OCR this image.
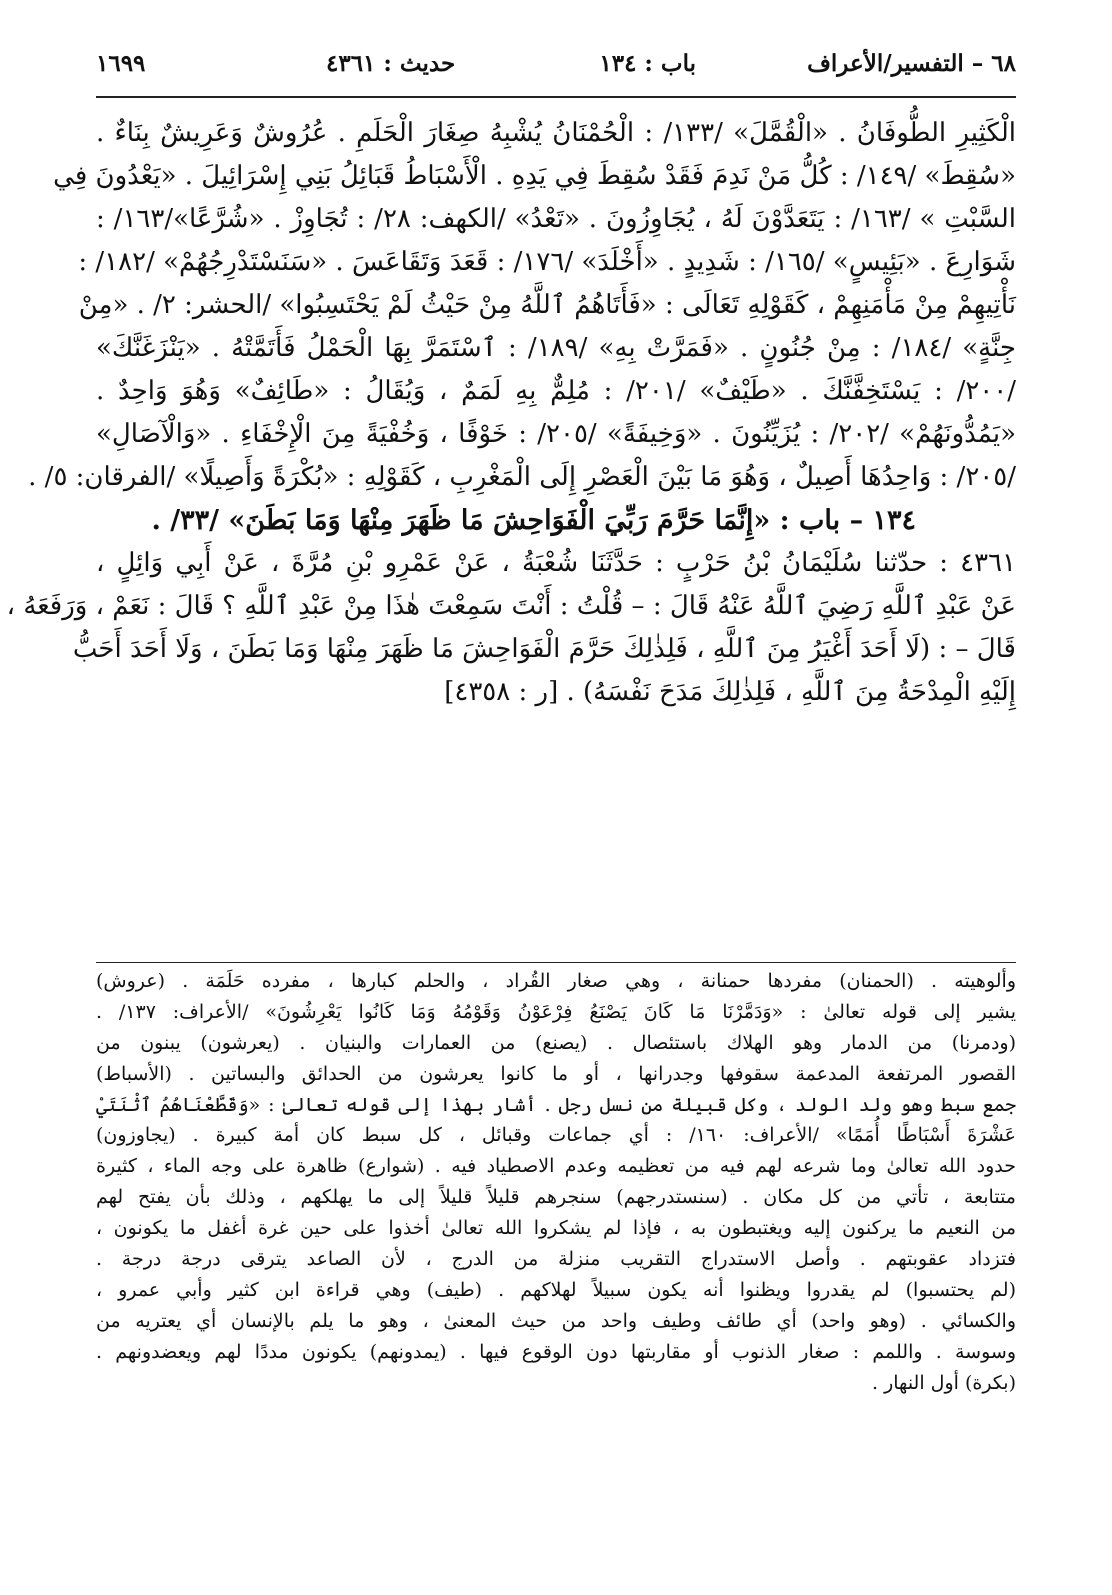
٦٨ – التفسير/الأعراف
باب : ١٣٤
حديث : ٤٣٦١
١٦٩٩
الْكَثِيرِ الطُّوفَانُ . «الْقُمَّلَ» /١٣٣/ : الْحُمْنَانُ يُشْبِهُ صِغَارَ الْحَلَمِ . عُرُوشٌ وَعَرِيشٌ بِنَاءٌ .
«سُقِطَ» /١٤٩/ : كُلُّ مَنْ نَدِمَ فَقَدْ سُقِطَ فِي يَدِهِ . الْأَسْبَاطُ قَبَائِلُ بَنِي إِسْرَائِيلَ . «يَعْدُونَ فِي
السَّبْتِ » /١٦٣/ : يَتَعَدَّوْنَ لَهُ ، يُجَاوِزُونَ . «تَعْدُ» /الكهف: ٢٨/ : تُجَاوِزْ . «شُرَّعًا»/١٦٣/ :
شَوَارِعَ . «بَئِيسٍ» /١٦٥/ : شَدِيدٍ . «أَخْلَدَ» /١٧٦/ : قَعَدَ وَتَقَاعَسَ . «سَنَسْتَدْرِجُهُمْ» /١٨٢/ :
نَأْتِيهِمْ مِنْ مَأْمَنِهِمْ ، كَقَوْلِهِ تَعَالَى : «فَأَتَاهُمُ ٱللَّهُ مِنْ حَيْثُ لَمْ يَحْتَسِبُوا» /الحشر: ٢/ . «مِنْ
جِنَّةٍ» /١٨٤/ : مِنْ جُنُونٍ . «فَمَرَّتْ بِهِ» /١٨٩/ : ٱسْتَمَرَّ بِهَا الْحَمْلُ فَأَتَمَّتْهُ . «يَنْزَغَنَّكَ»
/٢٠٠/ : يَسْتَخِفَّنَّكَ . «طَيْفٌ» /٢٠١/ : مُلِمٌّ بِهِ لَمَمٌ ، وَيُقَالُ : «طَائِفٌ» وَهُوَ وَاحِدٌ .
«يَمُدُّونَهُمْ» /٢٠٢/ : يُزَيِّنُونَ . «وَخِيفَةً» /٢٠٥/ : خَوْفًا ، وَخُفْيَةً مِنَ الْإِخْفَاءِ . «وَالْآصَالِ»
/٢٠٥/ : وَاحِدُهَا أَصِيلٌ ، وَهُوَ مَا بَيْنَ الْعَصْرِ إِلَى الْمَغْرِبِ ، كَقَوْلِهِ : «بُكْرَةً وَأَصِيلًا» /الفرقان: ٥/ .
١٣٤ – باب : «إِنَّمَا حَرَّمَ رَبِّيَ الْفَوَاحِشَ مَا ظَهَرَ مِنْهَا وَمَا بَطَنَ» /٣٣/ .
٤٣٦١ : حدّثنا سُلَيْمَانُ بْنُ حَرْبٍ : حَدَّثَنَا شُعْبَةُ ، عَنْ عَمْرِو بْنِ مُرَّةَ ، عَنْ أَبِي وَائِلٍ ،
عَنْ عَبْدِ ٱللَّهِ رَضِيَ ٱللَّهُ عَنْهُ قَالَ : – قُلْتُ : أَنْتَ سَمِعْتَ هٰذَا مِنْ عَبْدِ ٱللَّهِ ؟ قَالَ : نَعَمْ ، وَرَفَعَهُ ،
قَالَ – : (لَا أَحَدَ أَغْيَرُ مِنَ ٱللَّهِ ، فَلِذٰلِكَ حَرَّمَ الْفَوَاحِشَ مَا ظَهَرَ مِنْهَا وَمَا بَطَنَ ، وَلَا أَحَدَ أَحَبُّ
إِلَيْهِ الْمِدْحَةُ مِنَ ٱللَّهِ ، فَلِذٰلِكَ مَدَحَ نَفْسَهُ) . [ر : ٤٣٥٨]
وألوهيته . (الحمنان) مفردها حمنانة ، وهي صغار القُراد ، والحلم كبارها ، مفرده حَلَمَة . (عروش)
يشير إلى قوله تعالىٰ : «وَدَمَّرْنَا مَا كَانَ يَصْنَعُ فِرْعَوْنُ وَقَوْمُهُ وَمَا كَانُوا يَعْرِشُونَ» /الأعراف: ١٣٧/ .
(ودمرنا) من الدمار وهو الهلاك باستئصال . (يصنع) من العمارات والبنيان . (يعرشون) يبنون من
القصور المرتفعة المدعمة سقوفها وجدرانها ، أو ما كانوا يعرشون من الحدائق والبساتين . (الأسباط)
جمع سبط وهو ولد الولد ، وكل قبيلة من نسل رجل . أشار بهذا إلى قوله تعالىٰ : «وَقَطَّعْنَاهُمُ ٱثْنَتَيْ
عَشْرَةَ أَسْبَاطًا أُمَمًا» /الأعراف: ١٦٠/ : أي جماعات وقبائل ، كل سبط كان أمة كبيرة . (يجاوزون)
حدود الله تعالىٰ وما شرعه لهم فيه من تعظيمه وعدم الاصطياد فيه . (شوارع) ظاهرة على وجه الماء ، كثيرة
متتابعة ، تأتي من كل مكان . (سنستدرجهم) سنجرهم قليلاً قليلاً إلى ما يهلكهم ، وذلك بأن يفتح لهم
من النعيم ما يركنون إليه ويغتبطون به ، فإذا لم يشكروا الله تعالىٰ أخذوا على حين غرة أغفل ما يكونون ،
فتزداد عقوبتهم . وأصل الاستدراج التقريب منزلة من الدرج ، لأن الصاعد يترقى درجة درجة .
(لم يحتسبوا) لم يقدروا ويظنوا أنه يكون سبيلاً لهلاكهم . (طيف) وهي قراءة ابن كثير وأبي عمرو ،
والكسائي . (وهو واحد) أي طائف وطيف واحد من حيث المعنىٰ ، وهو ما يلم بالإنسان أي يعتريه من
وسوسة . واللمم : صغار الذنوب أو مقاربتها دون الوقوع فيها . (يمدونهم) يكونون مددًا لهم ويعضدونهم .
(بكرة) أول النهار .
